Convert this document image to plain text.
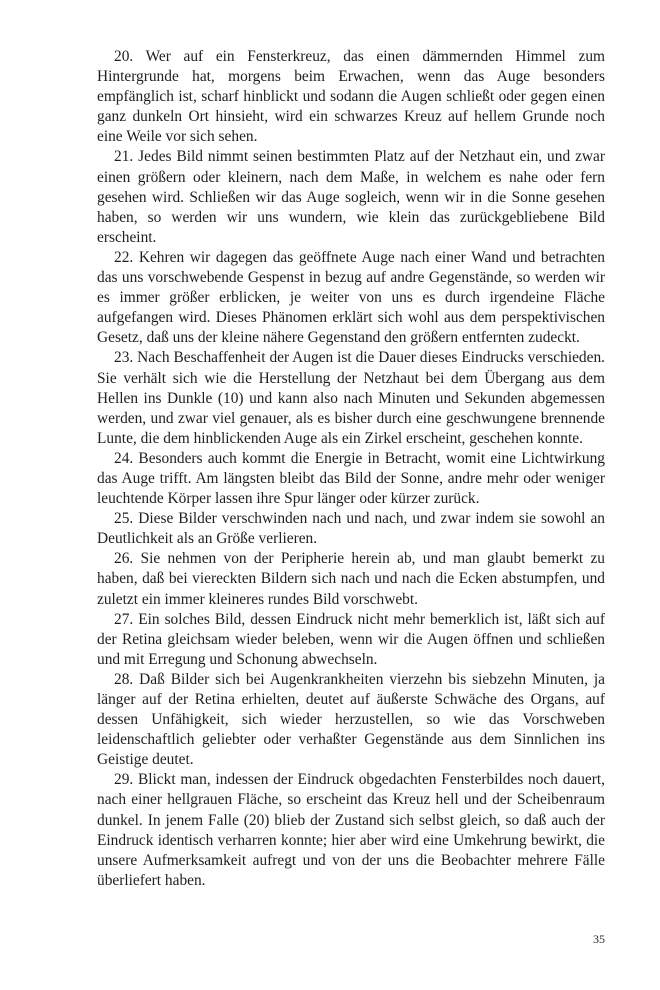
20. Wer auf ein Fensterkreuz, das einen dämmernden Himmel zum Hintergrunde hat, morgens beim Erwachen, wenn das Auge besonders empfänglich ist, scharf hinblickt und sodann die Augen schließt oder gegen einen ganz dunkeln Ort hinsieht, wird ein schwarzes Kreuz auf hellem Grunde noch eine Weile vor sich sehen.

21. Jedes Bild nimmt seinen bestimmten Platz auf der Netzhaut ein, und zwar einen größern oder kleinern, nach dem Maße, in welchem es nahe oder fern gesehen wird. Schließen wir das Auge sogleich, wenn wir in die Sonne gesehen haben, so werden wir uns wundern, wie klein das zurückgebliebene Bild erscheint.

22. Kehren wir dagegen das geöffnete Auge nach einer Wand und betrachten das uns vorschwebende Gespenst in bezug auf andre Gegenstände, so werden wir es immer größer erblicken, je weiter von uns es durch irgendeine Fläche aufgefangen wird. Dieses Phänomen erklärt sich wohl aus dem perspektivischen Gesetz, daß uns der kleine nähere Gegenstand den größern entfernten zudeckt.

23. Nach Beschaffenheit der Augen ist die Dauer dieses Eindrucks verschieden. Sie verhält sich wie die Herstellung der Netzhaut bei dem Übergang aus dem Hellen ins Dunkle (10) und kann also nach Minuten und Sekunden abgemessen werden, und zwar viel genauer, als es bisher durch eine geschwungene brennende Lunte, die dem hinblickenden Auge als ein Zirkel erscheint, geschehen konnte.

24. Besonders auch kommt die Energie in Betracht, womit eine Lichtwirkung das Auge trifft. Am längsten bleibt das Bild der Sonne, andre mehr oder weniger leuchtende Körper lassen ihre Spur länger oder kürzer zurück.

25. Diese Bilder verschwinden nach und nach, und zwar indem sie sowohl an Deutlichkeit als an Größe verlieren.

26. Sie nehmen von der Peripherie herein ab, und man glaubt bemerkt zu haben, daß bei viereckten Bildern sich nach und nach die Ecken abstumpfen, und zuletzt ein immer kleineres rundes Bild vorschwebt.

27. Ein solches Bild, dessen Eindruck nicht mehr bemerklich ist, läßt sich auf der Retina gleichsam wieder beleben, wenn wir die Augen öffnen und schließen und mit Erregung und Schonung abwechseln.

28. Daß Bilder sich bei Augenkrankheiten vierzehn bis siebzehn Minuten, ja länger auf der Retina erhielten, deutet auf äußerste Schwäche des Organs, auf dessen Unfähigkeit, sich wieder herzustellen, so wie das Vorschweben leidenschaftlich geliebter oder verhaßter Gegenstände aus dem Sinnlichen ins Geistige deutet.

29. Blickt man, indessen der Eindruck obgedachten Fensterbildes noch dauert, nach einer hellgrauen Fläche, so erscheint das Kreuz hell und der Scheibenraum dunkel. In jenem Falle (20) blieb der Zustand sich selbst gleich, so daß auch der Eindruck identisch verharren konnte; hier aber wird eine Umkehrung bewirkt, die unsere Aufmerksamkeit aufregt und von der uns die Beobachter mehrere Fälle überliefert haben.

35
